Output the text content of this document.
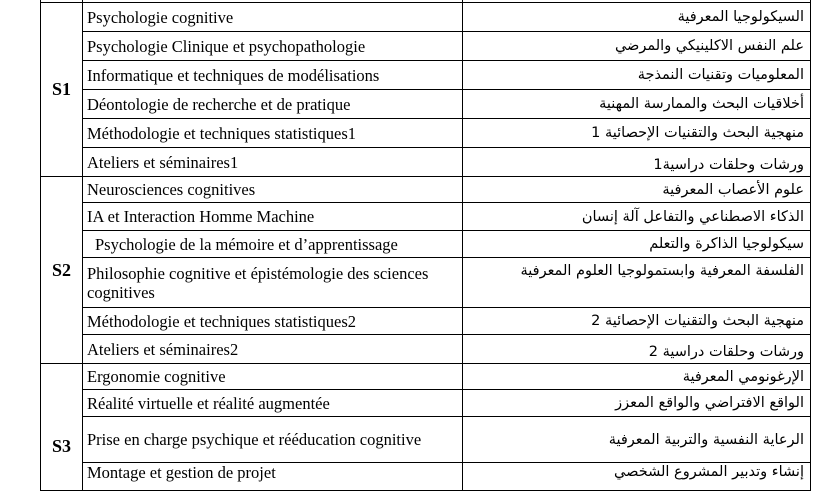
S1	Psychologie cognitive	السيكولوجيا المعرفية
	Psychologie Clinique et psychopathologie	علم النفس الاكلينيكي والمرضي
	Informatique et techniques de modélisations	المعلوميات وتقنيات النمذجة
	Déontologie de recherche et de pratique	أخلاقيات البحث والممارسة المهنية
	Méthodologie et techniques statistiques1	منهجية البحث والتقنيات الإحصائية 1
	Ateliers et séminaires1	ورشات وحلقات دراسية1
S2	Neurosciences cognitives	علوم الأعصاب المعرفية
	IA et Interaction Homme Machine	الذكاء الاصطناعي والتفاعل آلة إنسان
	Psychologie de la mémoire et d’apprentissage	سيكولوجيا الذاكرة والتعلم
	Philosophie cognitive et épistémologie des sciences cognitives	الفلسفة المعرفية وابستمولوجيا العلوم المعرفية
	Méthodologie et techniques statistiques2	منهجية البحث والتقنيات الإحصائية 2
	Ateliers et séminaires2	ورشات وحلقات دراسية 2
S3	Ergonomie cognitive	الإرغونومي المعرفية
	Réalité virtuelle et réalité augmentée	الواقع الافتراضي والواقع المعزز
	Prise en charge psychique et rééducation cognitive	الرعاية النفسية والتربية المعرفية
	Montage et gestion de projet	إنشاء وتدبير المشروع الشخصي
